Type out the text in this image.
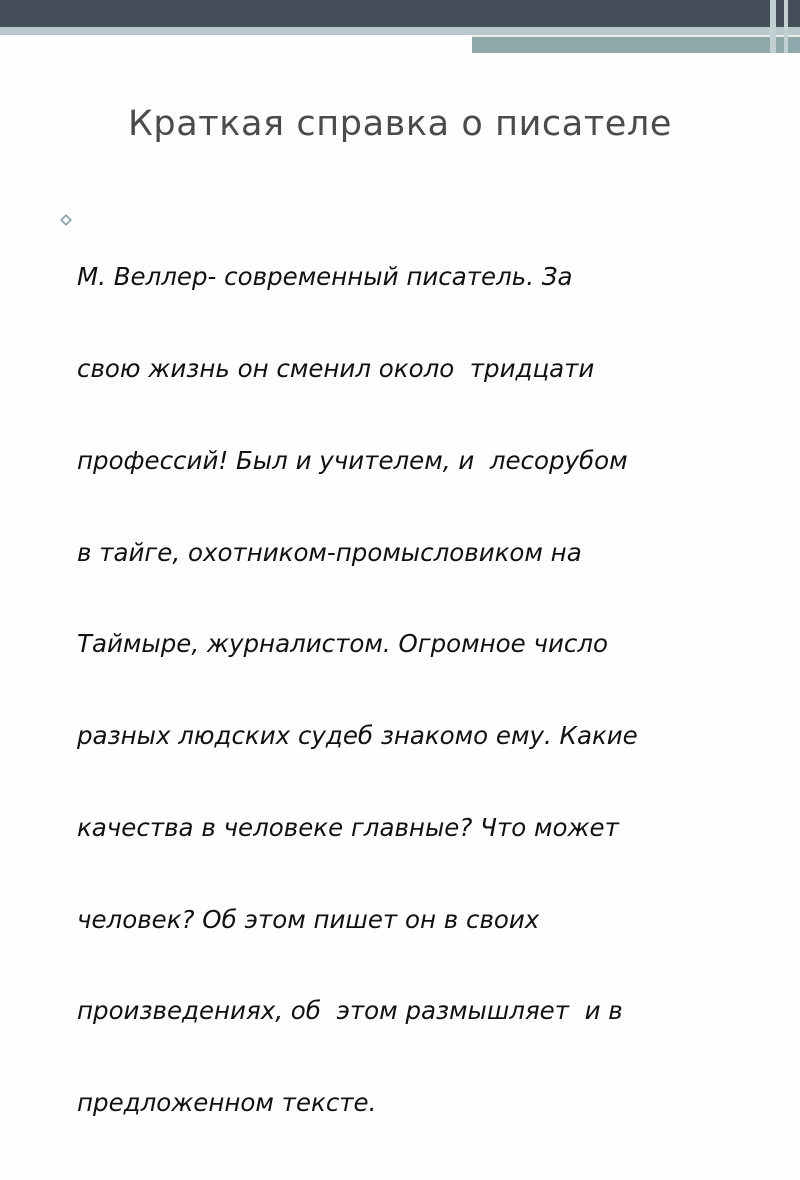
Краткая справка о писателе

М. Веллер- современный писатель. За

свою жизнь он сменил около  тридцати

профессий! Был и учителем, и  лесорубом

в тайге, охотником-промысловиком на

Таймыре, журналистом. Огромное число

разных людских судеб знакомо ему. Какие

качества в человеке главные? Что может

человек? Об этом пишет он в своих

произведениях, об  этом размышляет  и в

предложенном тексте.
